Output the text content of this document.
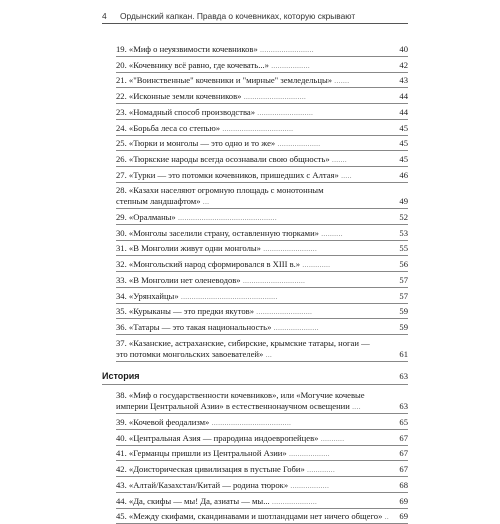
4 Ордынский капкан. Правда о кочевниках, которую скрывают
19. «Миф о неуязвимости кочевников» .........................	40
20. «Кочевнику всё равно, где кочевать...» ..................	42
21. «"Воинственные" кочевники и "мирные" земледельцы» .......	43
22. «Исконные земли кочевников» .............................	44
23. «Номадный способ производства» ..........................	44
24. «Борьба леса со степью» .................................	45
25. «Тюрки и монголы — это одно и то же» ....................	45
26. «Тюркские народы всегда осознавали свою общность» .......	45
27. «Турки — это потомки кочевников, пришедших с Алтая» .....	46
28. «Казахи населяют огромную площадь с монотонным
степным ландшафтом» ...	49
29. «Оралманы» ..............................................	52
30. «Монголы заселили страну, оставленную тюрками» ..........	53
31. «В Монголии живут одни монголы» .........................	55
32. «Монгольский народ сформировался в XIII в.» .............	56
33. «В Монголии нет оленеводов» .............................	57
34. «Урянхайцы» .............................................	57
35. «Курыканы — это предки якутов» ..........................	59
36. «Татары — это такая национальность» .....................	59
37. «Казанские, астраханские, сибирские, крымские татары, ногаи —
это потомки монгольских завоевателей» ...	61
История	63
38. «Миф о государственности кочевников», или «Могучие кочевые
империи Центральной Азии» в естественнонаучном освещении ....	63
39. «Кочевой феодализм» .....................................	65
40. «Центральная Азия — прародина индоевропейцев» ...........	67
41. «Германцы пришли из Центральной Азии» ...................	67
42. «Доисторическая цивилизация в пустыне Гоби» .............	67
43. «Алтай/Казахстан/Китай — родина тюрок» ..................	68
44. «Да, скифы — мы! Да, азиаты — мы... .....................	69
45. «Между скифами, скандинавами и шотландцами нет ничего общего» .. 69
